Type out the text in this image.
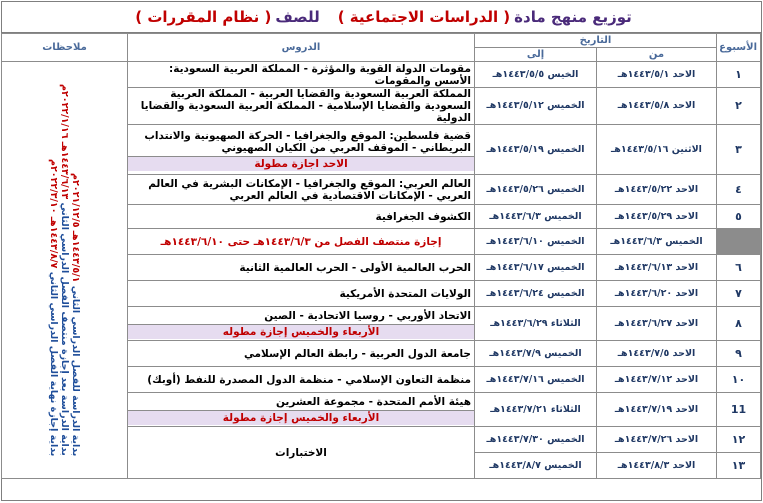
توزيع منهج مادة
( الدراسات الاجتماعية )
للصف
( نظام المقررات )
الأسبوع	التاريخ		الدروس	ملاحظات
	من	إلى		
١	الاحد ١٤٤٣/٥/١هـ	الخيس ١٤٤٣/٥/٥هـ	مقومات الدولة القوية والمؤثرة - المملكة العربية السعودية: الأسس والمقومات	بداية الدراسة للفصل الدراسي الثاني ١٤٤٣/٥/١هـ ٢٠٢١/١٢/٥م
بداية الدراسة بعد إجازة منتصف الفصل الدراسي الثاني ١٤٤٣/٦/١٣هـ ٢٠٢٢/١/١٦م
بداية إجازة نهاية الفصل الدراسي الثاني ١٤٤٣/٨/٧هـ ٢٠٢٢/٣/١٠م

٢	الاحد ١٤٤٣/٥/٨هـ	الخميس ١٤٤٣/٥/١٢هـ	المملكة العربية السعودية والقضايا العربية - المملكة العربية السعودية والقضايا الإسلامية - المملكة العربية السعودية والقضايا الدولية	
٣	الاثنين ١٤٤٣/٥/١٦هـ	الخميس ١٤٤٣/٥/١٩هـ	قضية فلسطين: الموقع والجغرافيا - الحركة الصهيونية والانتداب البريطاني - الموقف العربي من الكيان الصهيوني
الاحد اجازة مطولة	

٤	الاحد ١٤٤٣/٥/٢٢هـ	الخميس ١٤٤٣/٥/٢٦هـ	العالم العربي: الموقع والجغرافيا - الإمكانات البشرية في العالم العربي - الإمكانات الاقتصادية في العالم العربي	
٥	الاحد ١٤٤٣/٥/٢٩هـ	الخميس ١٤٤٣/٦/٣هـ	الكشوف الجغرافية	
	الخميس ١٤٤٣/٦/٣هـ	الخميس ١٤٤٣/٦/١٠هـ	إجازة منتصف الفصل من ١٤٤٣/٦/٣هـ حتى ١٤٤٣/٦/١٠هـ	
٦	الاحد ١٤٤٣/٦/١٣هـ	الخميس ١٤٤٣/٦/١٧هـ	الحرب العالمية الأولى - الحرب العالمية الثانية	
٧	الاحد ١٤٤٣/٦/٢٠هـ	الخميس ١٤٤٣/٦/٢٤هـ	الولايات المتحدة الأمريكية	
٨	الاحد ١٤٤٣/٦/٢٧هـ	الثلاثاء ١٤٤٣/٦/٢٩هـ	الاتحاد الأوربي - روسيا الاتحادية - الصين
الأربعاء والخميس إجازة مطوله	

٩	الاحد ١٤٤٣/٧/٥هـ	الخميس ١٤٤٣/٧/٩هـ	جامعة الدول العربية - رابطة العالم الإسلامي	
١٠	الاحد ١٤٤٣/٧/١٢هـ	الخميس ١٤٤٣/٧/١٦هـ	منظمة التعاون الإسلامي - منظمة الدول المصدرة للنفط (أوبك)	
11	الاحد ١٤٤٣/٧/١٩هـ	الثلاثاء ١٤٤٣/٧/٢١هـ	هيئة الأمم المتحدة - مجموعة العشرين
الأربعاء والخميس إجازة مطولة	

١٢	الاحد ١٤٤٣/٧/٢٦هـ	الخميس ١٤٤٣/٧/٣٠هـ	الاختبارات	
١٣	الاحد ١٤٤٣/٨/٣هـ	الخميس ١٤٤٣/٨/٧هـ	
